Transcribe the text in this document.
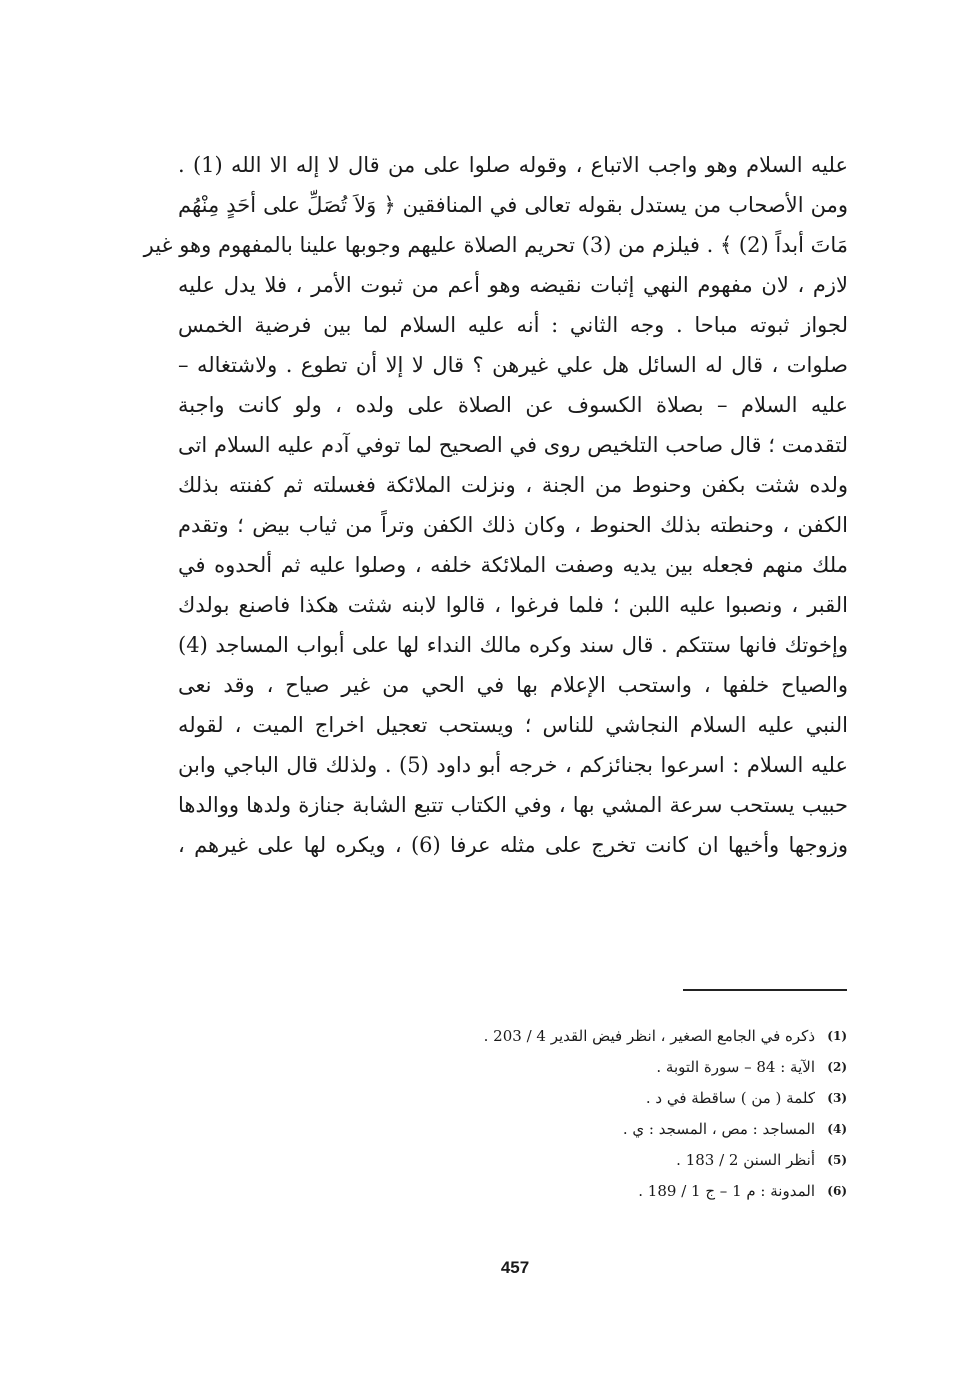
عليه السلام وهو واجب الاتباع ، وقوله صلوا على من قال لا إله الا الله (1) .
ومن الأصحاب من يستدل بقوله تعالى في المنافقين ﴿ وَلاَ تُصَلِّ على أحَدٍ مِنْهُم
مَاتَ أبداً (2) ﴾ . فيلزم من (3) تحريم الصلاة عليهم وجوبها علينا بالمفهوم وهو غير
لازم ، لان مفهوم النهي إثبات نقيضه وهو أعم من ثبوت الأمر ، فلا يدل عليه
لجواز ثبوته مباحا . وجه الثاني : أنه عليه السلام لما بين فرضية الخمس
صلوات ، قال له السائل هل علي غيرهن ؟ قال لا إلا أن تطوع . ولاشتغاله –
عليه السلام – بصلاة الكسوف عن الصلاة على ولده ، ولو كانت واجبة
لتقدمت ؛ قال صاحب التلخيص روى في الصحيح لما توفي آدم عليه السلام اتى
ولده شثت بكفن وحنوط من الجنة ، ونزلت الملائكة فغسلته ثم كفنته بذلك
الكفن ، وحنطته بذلك الحنوط ، وكان ذلك الكفن وتراً من ثياب بيض ؛ وتقدم
ملك منهم فجعله بين يديه وصفت الملائكة خلفه ، وصلوا عليه ثم ألحدوه في
القبر ، ونصبوا عليه اللبن ؛ فلما فرغوا ، قالوا لابنه شثت هكذا فاصنع بولدك
وإخوتك فانها ستتكم . قال سند وكره مالك النداء لها على أبواب المساجد (4)
والصياح خلفها ، واستحب الإعلام بها في الحي من غير صياح ، وقد نعى
النبي عليه السلام النجاشي للناس ؛ ويستحب تعجيل اخراج الميت ، لقوله
عليه السلام : اسرعوا بجنائزكم ، خرجه أبو داود (5) . ولذلك قال الباجي وابن
حبيب يستحب سرعة المشي بها ، وفي الكتاب تتبع الشابة جنازة ولدها ووالدها
وزوجها وأخيها ان كانت تخرج على مثله عرفا (6) ، ويكره لها على غيرهم ،
(1)
ذكره في الجامع الصغير ، انظر فيض القدير 4 / 203 .
(2)
الآية : 84 – سورة التوبة .
(3)
كلمة ( من ) ساقطة في د .
(4)
المساجد : مص ، المسجد : ي .
(5)
أنظر السنن 2 / 183 .
(6)
المدونة : م 1 – ج 1 / 189 .
457
